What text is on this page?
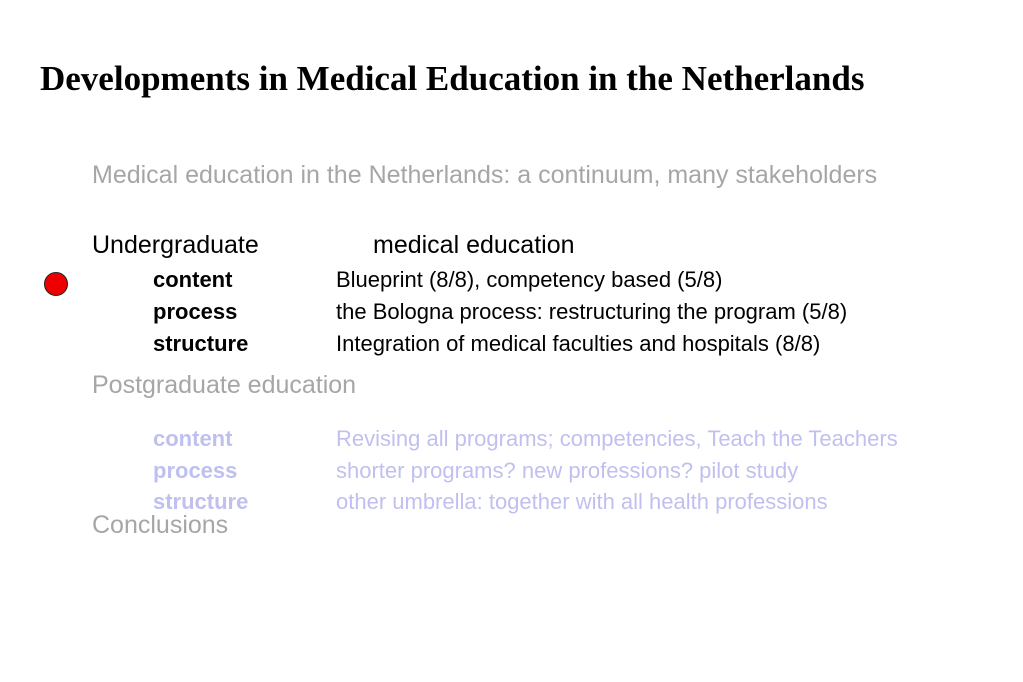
Developments in Medical Education in the Netherlands
Medical education in the Netherlands: a continuum, many stakeholders
Undergraduate	medical education
content	Blueprint (8/8), competency based (5/8)
process	the Bologna process: restructuring the program (5/8)
structure	Integration of medical faculties and hospitals (8/8)
Postgraduate education
content	Revising all programs; competencies, Teach the Teachers
process	shorter programs? new professions? pilot study
structure	other umbrella: together with all health professions
Conclusions
